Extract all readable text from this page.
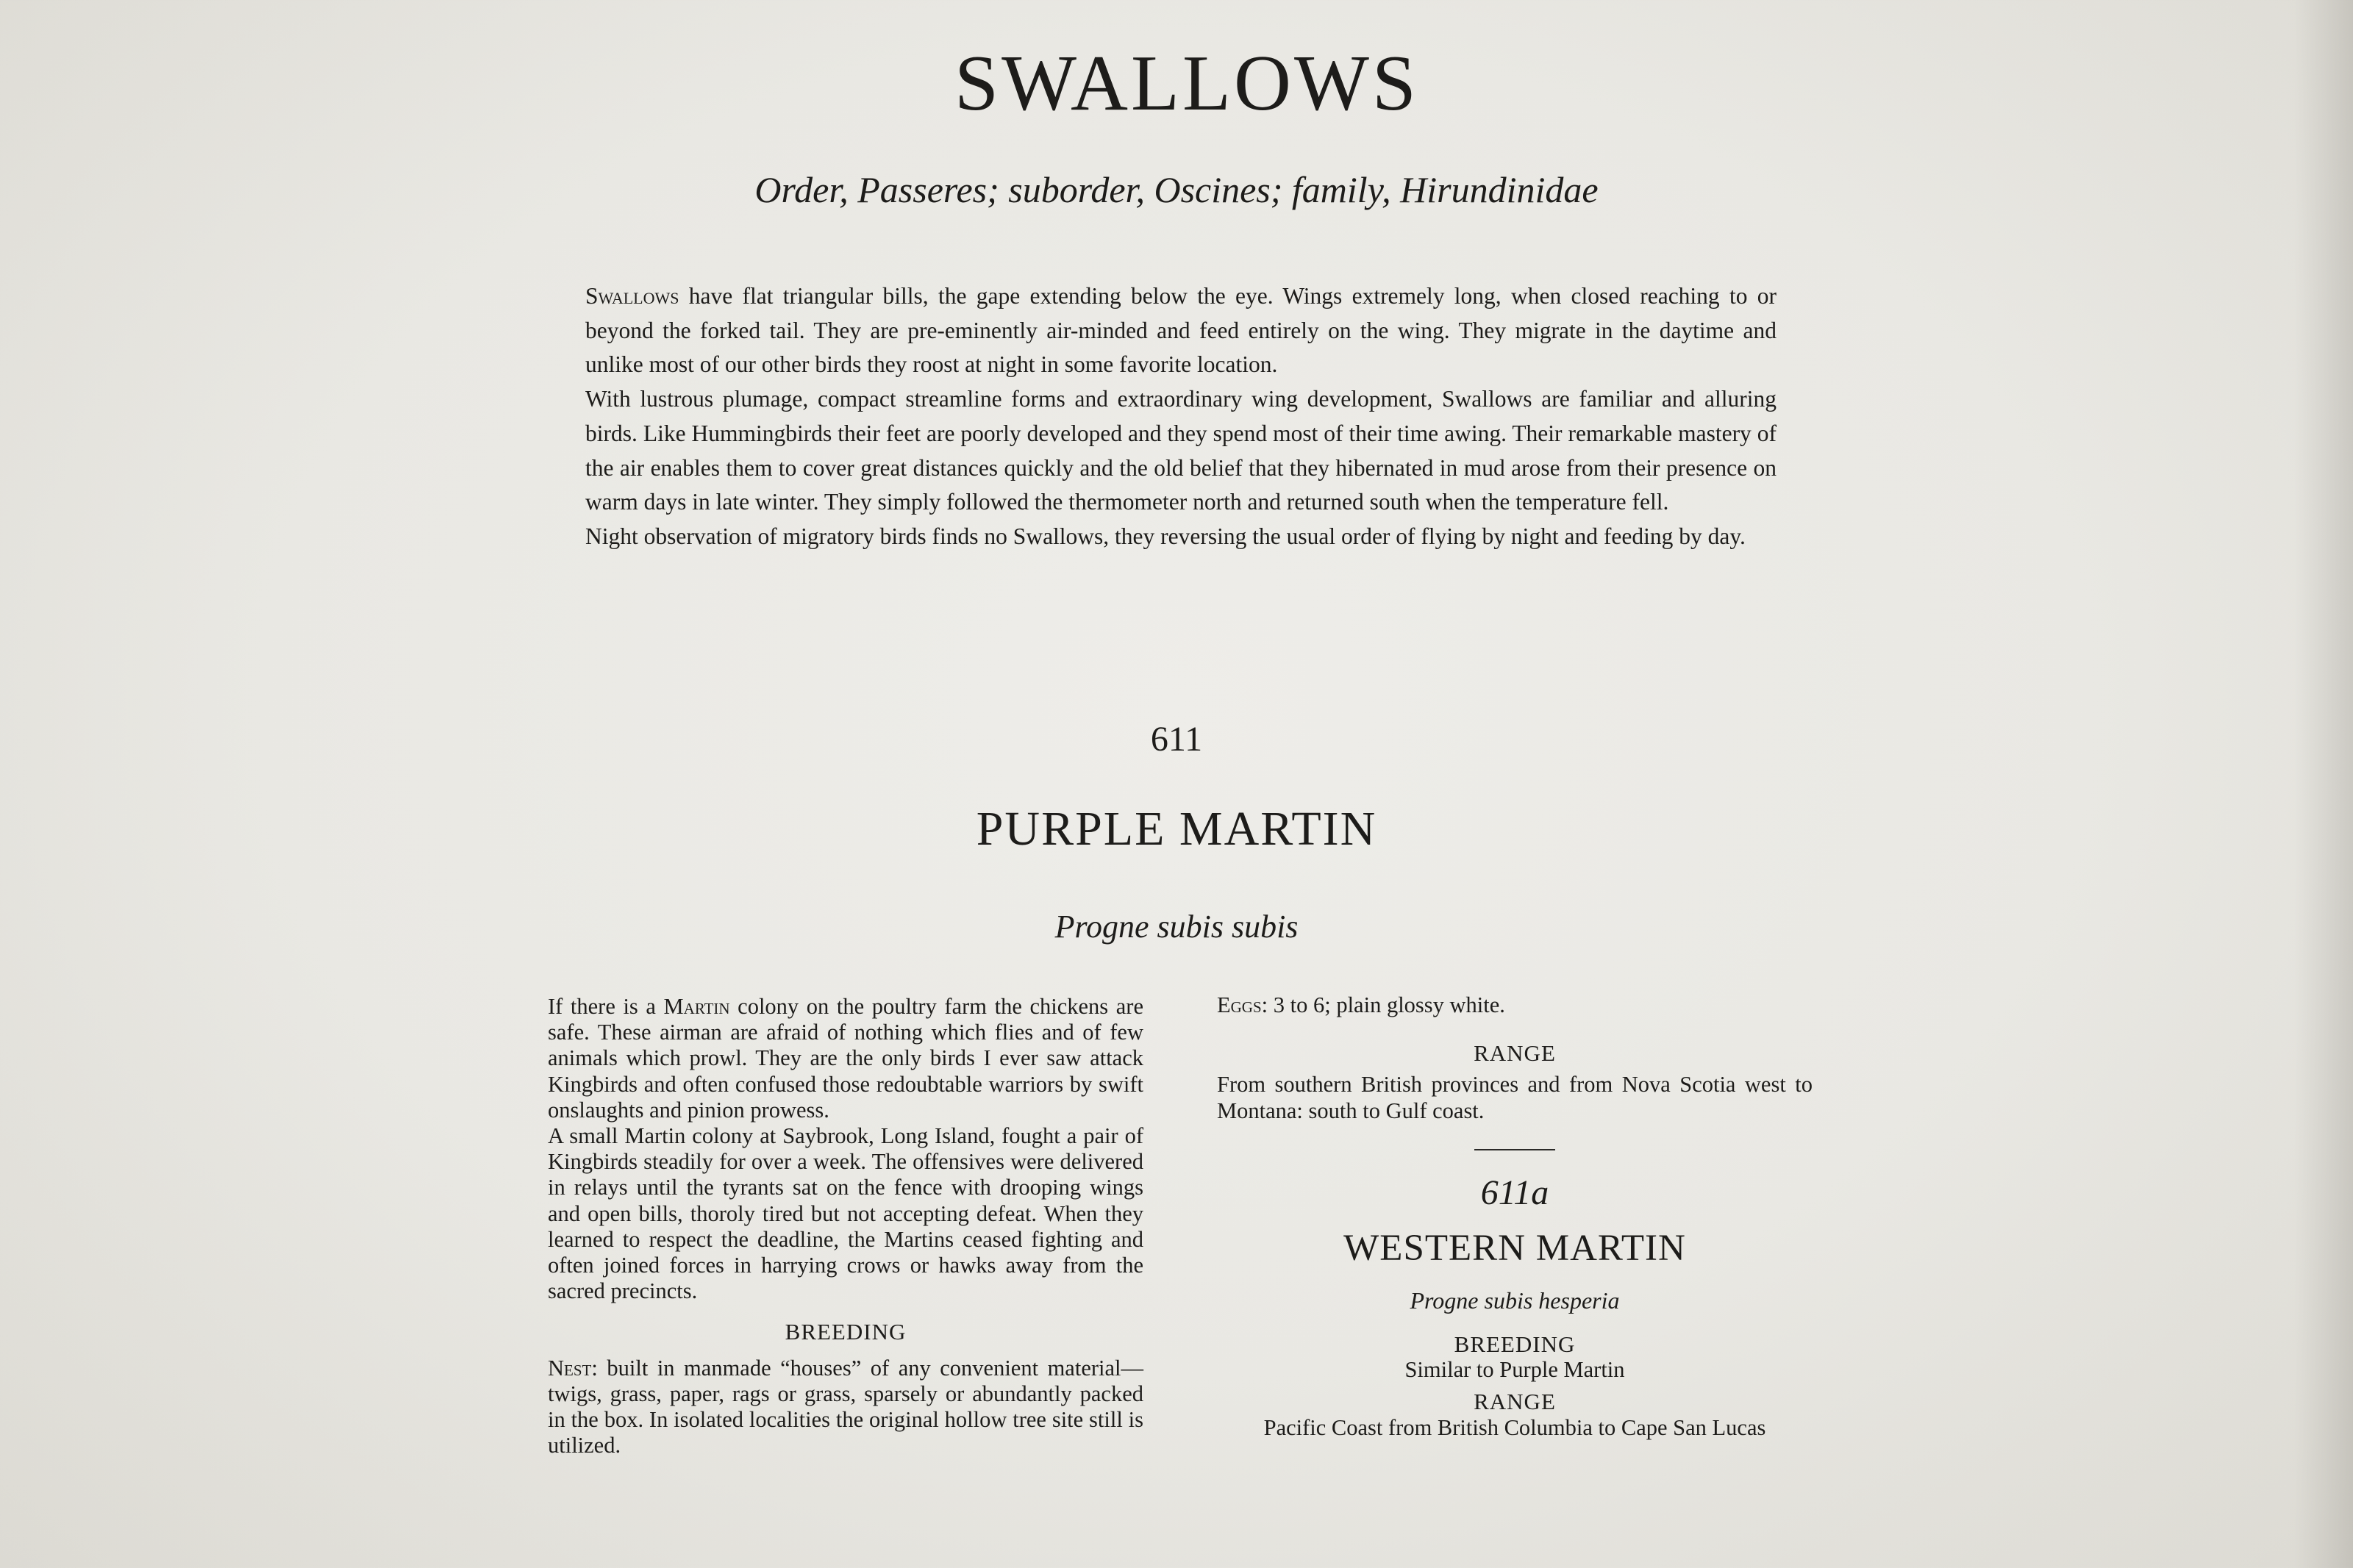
SWALLOWS
Order, Passeres; suborder, Oscines; family, Hirundinidae

Swallows have flat triangular bills, the gape extending below the eye. Wings extremely long, when closed reaching to or beyond the forked tail. They are pre-eminently air-minded and feed entirely on the wing. They migrate in the daytime and unlike most of our other birds they roost at night in some favorite location.

With lustrous plumage, compact streamline forms and extraordinary wing development, Swallows are familiar and alluring birds. Like Hummingbirds their feet are poorly developed and they spend most of their time awing. Their remarkable mastery of the air enables them to cover great distances quickly and the old belief that they hibernated in mud arose from their presence on warm days in late winter. They simply followed the thermometer north and returned south when the temperature fell.

Night observation of migratory birds finds no Swallows, they reversing the usual order of flying by night and feeding by day.

611
PURPLE MARTIN
Progne subis subis

If there is a Martin colony on the poultry farm the chickens are safe. These airman are afraid of nothing which flies and of few animals which prowl. They are the only birds I ever saw attack Kingbirds and often confused those redoubtable warriors by swift onslaughts and pinion prowess.

A small Martin colony at Saybrook, Long Island, fought a pair of Kingbirds steadily for over a week. The offensives were delivered in relays until the tyrants sat on the fence with drooping wings and open bills, thoroly tired but not accepting defeat. When they learned to respect the deadline, the Martins ceased fighting and often joined forces in harrying crows or hawks away from the sacred precincts.

BREEDING

Nest: built in manmade “houses” of any convenient material—twigs, grass, paper, rags or grass, sparsely or abundantly packed in the box. In isolated localities the original hollow tree site still is utilized.

Eggs: 3 to 6; plain glossy white.

RANGE

From southern British provinces and from Nova Scotia west to Montana: south to Gulf coast.

611a
WESTERN MARTIN
Progne subis hesperia
BREEDING
Similar to Purple Martin
RANGE
Pacific Coast from British Columbia to Cape San Lucas
